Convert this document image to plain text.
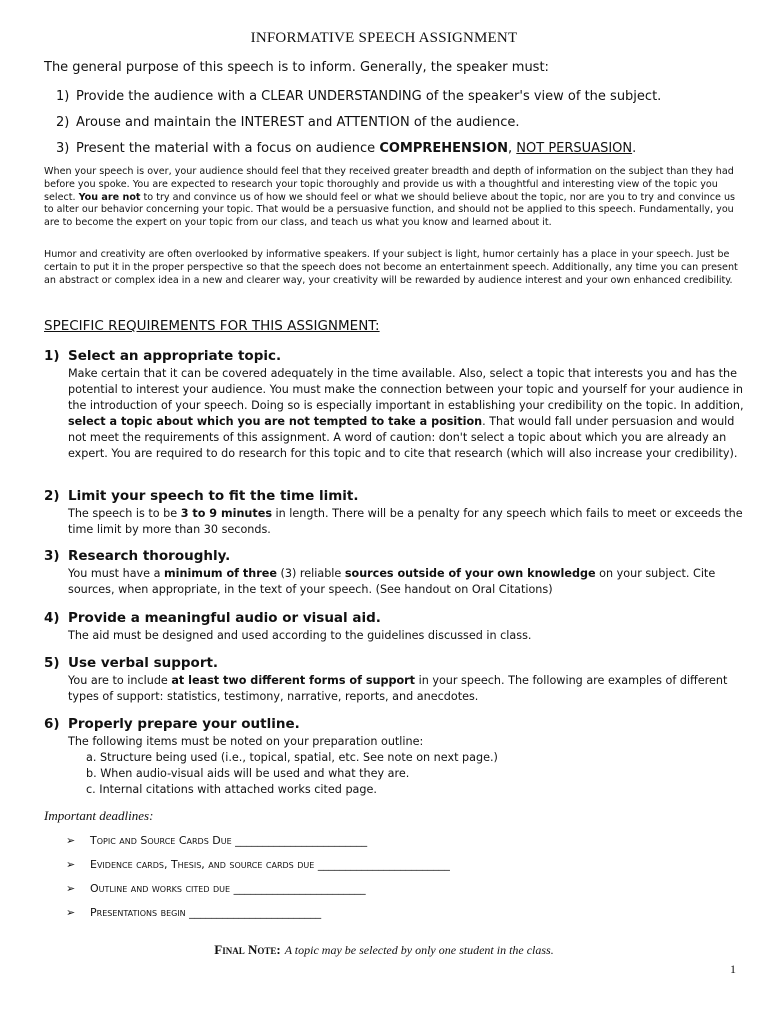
INFORMATIVE SPEECH ASSIGNMENT
The general purpose of this speech is to inform. Generally, the speaker must:
1) Provide the audience with a CLEAR UNDERSTANDING of the speaker's view of the subject.
2) Arouse and maintain the INTEREST and ATTENTION of the audience.
3) Present the material with a focus on audience COMPREHENSION, NOT PERSUASION.

When your speech is over, your audience should feel that they received greater breadth and depth of information on the subject than they had before you spoke. You are expected to research your topic thoroughly and provide us with a thoughtful and interesting view of the topic you select. You are not to try and convince us of how we should feel or what we should believe about the topic, nor are you to try and convince us to alter our behavior concerning your topic. That would be a persuasive function, and should not be applied to this speech. Fundamentally, you are to become the expert on your topic from our class, and teach us what you know and learned about it.

Humor and creativity are often overlooked by informative speakers. If your subject is light, humor certainly has a place in your speech. Just be certain to put it in the proper perspective so that the speech does not become an entertainment speech. Additionally, any time you can present an abstract or complex idea in a new and clearer way, your creativity will be rewarded by audience interest and your own enhanced credibility.

SPECIFIC REQUIREMENTS FOR THIS ASSIGNMENT:
1) Select an appropriate topic.
Make certain that it can be covered adequately in the time available. Also, select a topic that interests you and has the potential to interest your audience. You must make the connection between your topic and yourself for your audience in the introduction of your speech. Doing so is especially important in establishing your credibility on the topic. In addition, select a topic about which you are not tempted to take a position. That would fall under persuasion and would not meet the requirements of this assignment. A word of caution: don't select a topic about which you are already an expert. You are required to do research for this topic and to cite that research (which will also increase your credibility).
2) Limit your speech to fit the time limit.
The speech is to be 3 to 9 minutes in length. There will be a penalty for any speech which fails to meet or exceeds the time limit by more than 30 seconds.
3) Research thoroughly.
You must have a minimum of three (3) reliable sources outside of your own knowledge on your subject. Cite sources, when appropriate, in the text of your speech. (See handout on Oral Citations)
4) Provide a meaningful audio or visual aid.
The aid must be designed and used according to the guidelines discussed in class.
5) Use verbal support.
You are to include at least two different forms of support in your speech. The following are examples of different types of support: statistics, testimony, narrative, reports, and anecdotes.
6) Properly prepare your outline.
The following items must be noted on your preparation outline:
a. Structure being used (i.e., topical, spatial, etc. See note on next page.)
b. When audio-visual aids will be used and what they are.
c. Internal citations with attached works cited page.
Important deadlines:
➢ Topic and Source Cards Due ________________________
➢ Evidence cards, Thesis, and source cards due ________________________
➢ Outline and works cited due ________________________
➢ Presentations begin ________________________
Final Note: A topic may be selected by only one student in the class.
1
